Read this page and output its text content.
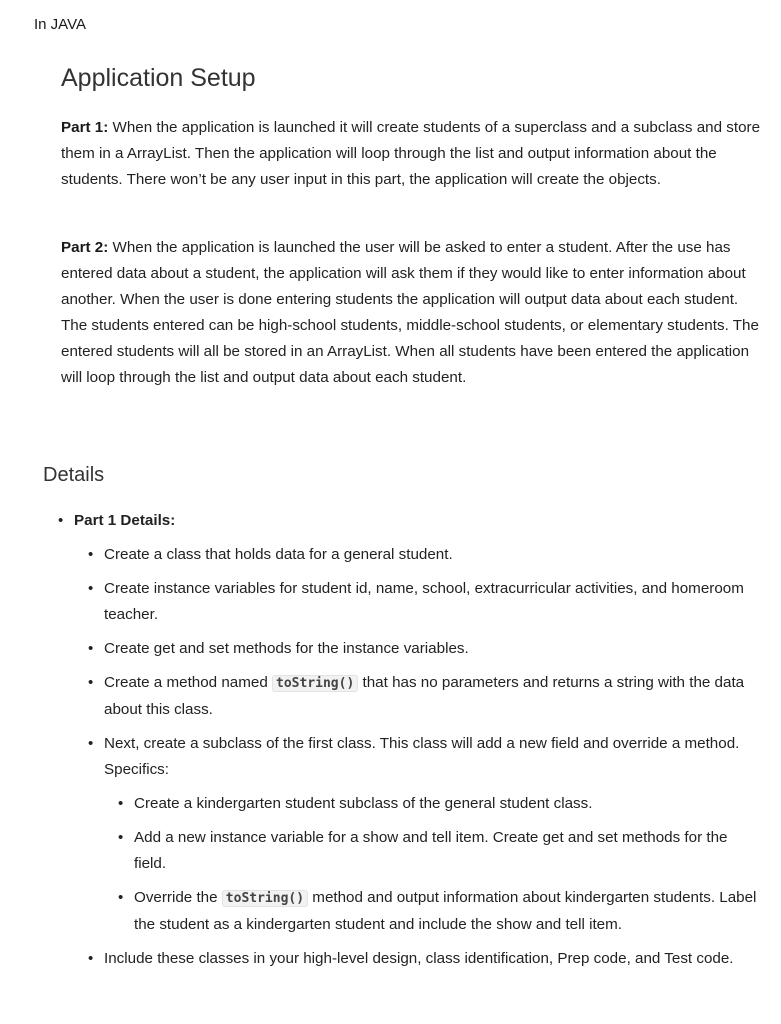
In JAVA
Application Setup

Part 1: When the application is launched it will create students of a superclass and a subclass and store them in a ArrayList. Then the application will loop through the list and output information about the students. There won’t be any user input in this part, the application will create the objects.

Part 2: When the application is launched the user will be asked to enter a student. After the use has entered data about a student, the application will ask them if they would like to enter information about another. When the user is done entering students the application will output data about each student. The students entered can be high-school students, middle-school students, or elementary students. The entered students will all be stored in an ArrayList. When all students have been entered the application will loop through the list and output data about each student.

Details
• Part 1 Details:
• Create a class that holds data for a general student.
• Create instance variables for student id, name, school, extracurricular activities, and homeroom teacher.
• Create get and set methods for the instance variables.
• Create a method named toString() that has no parameters and returns a string with the data about this class.
• Next, create a subclass of the first class. This class will add a new field and override a method. Specifics:
• Create a kindergarten student subclass of the general student class.
• Add a new instance variable for a show and tell item. Create get and set methods for the field.
• Override the toString() method and output information about kindergarten students. Label the student as a kindergarten student and include the show and tell item.
• Include these classes in your high-level design, class identification, Prep code, and Test code.
